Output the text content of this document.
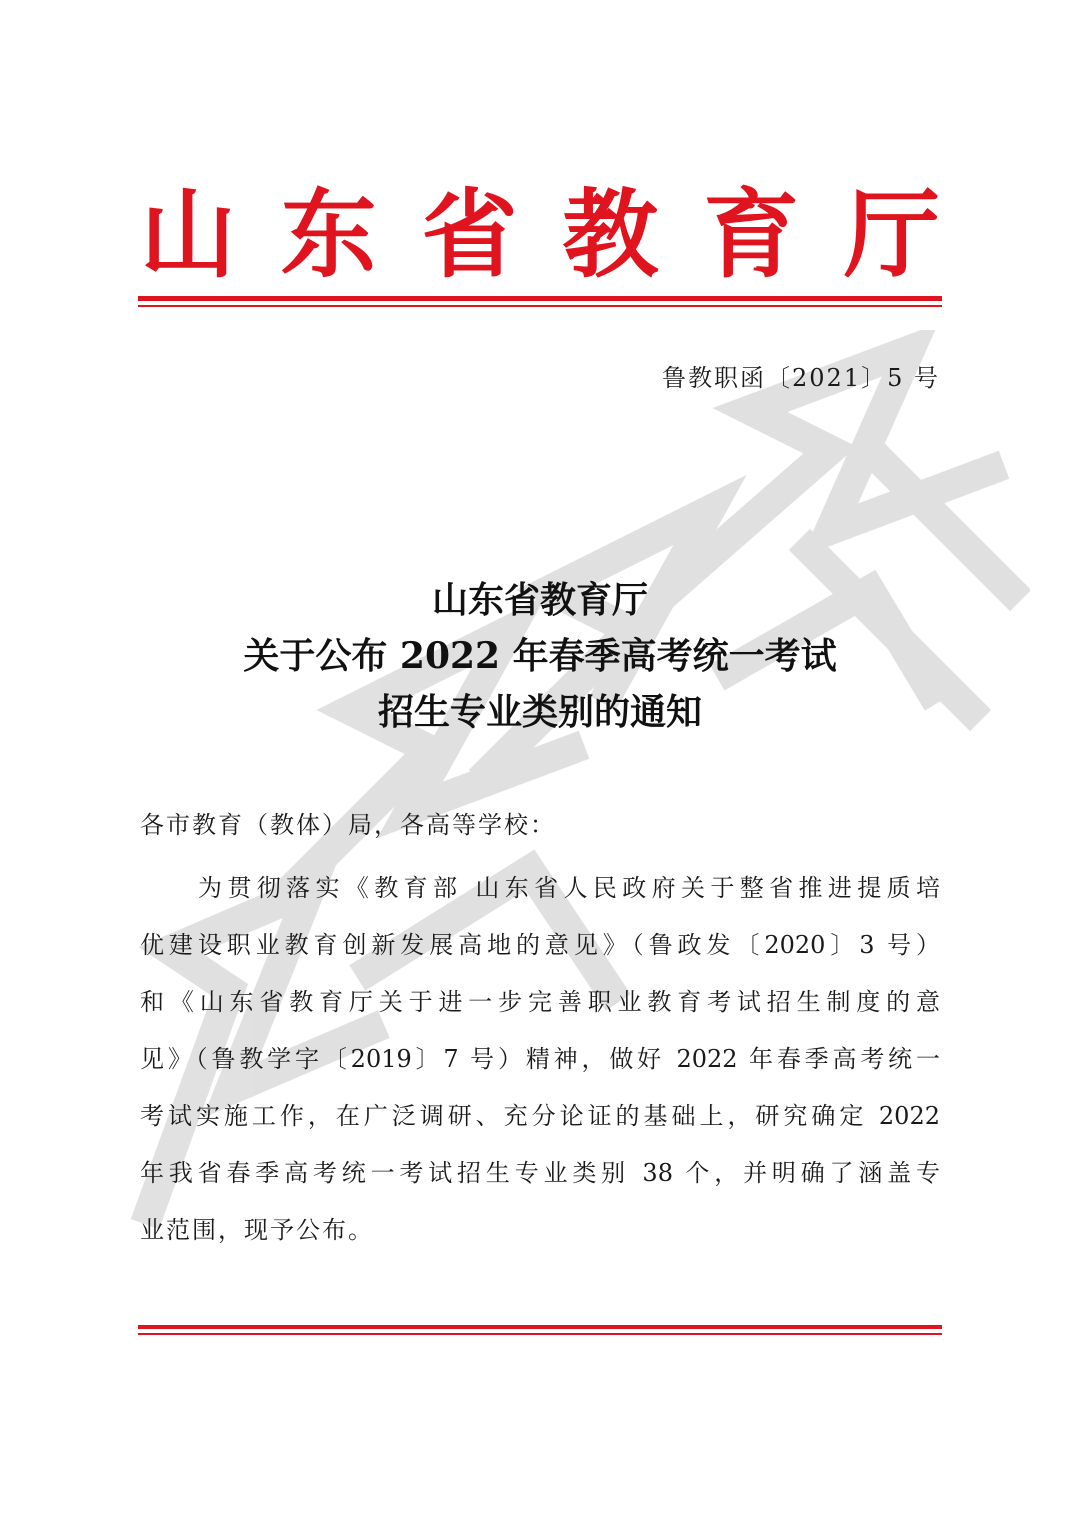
山 东 省 教 育 厅
鲁教职函〔2021〕5 号
山东省教育厅
关于公布 2022 年春季高考统一考试
招生专业类别的通知
各市教育（教体）局，各高等学校：
为贯彻落实《教育部 山东省人民政府关于整省推进提质培
优建设职业教育创新发展高地的意见》（鲁政发〔2020〕3 号）
和《山东省教育厅关于进一步完善职业教育考试招生制度的意
见》（鲁教学字〔2019〕7 号）精神，做好 2022 年春季高考统一
考试实施工作，在广泛调研、充分论证的基础上，研究确定 2022
年我省春季高考统一考试招生专业类别 38 个，并明确了涵盖专
业范围，现予公布。
